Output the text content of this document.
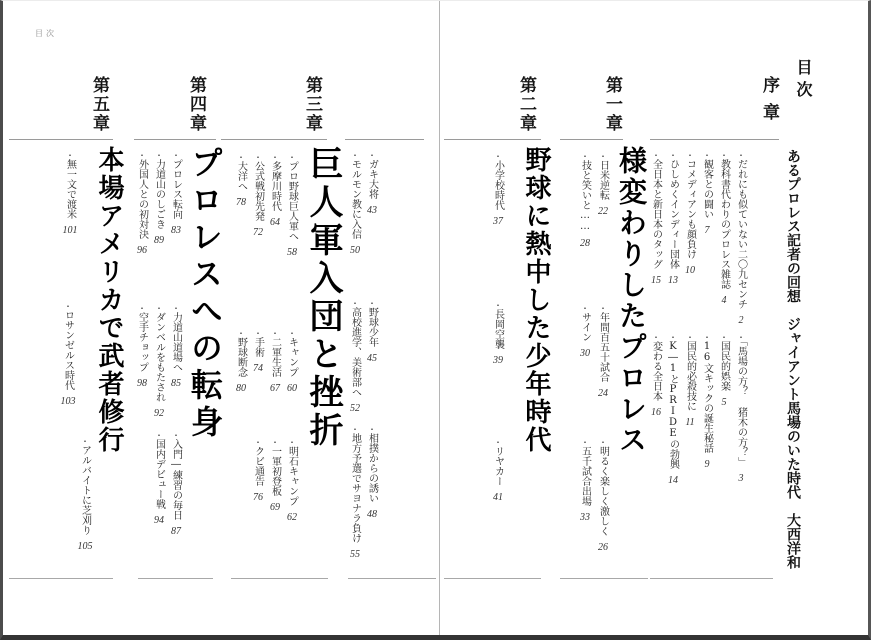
目次
目次
あるプロレス記者の回想ジャイアント馬場のいた時代大西洋和
序章
第一章
第二章
第三章
第四章
第五章
様変わりしたプロレス
野球に熱中した少年時代
巨人軍入団と挫折
プロレスへの転身
本場アメリカで武者修行	・だれにも似ていない二〇九センチ
2
・「馬場の方？ 猪木の方？」
3
・教科書代わりのプロレス雑誌
4
・国民的娯楽
5
・観客との闘い
7
・16文キックの誕生秘話
9
・コメディアンも顔負け
10
・国民的必殺技に
11
・ひしめくインディー団体
13
・K―1とPRIDEの勃興
14
・全日本と新日本のタッグ
15
・変わる全日本
16
・日米逆転
22
・年間百五十試合
24
・明るく楽しく激しく
26
・技と笑いと……
28
・サイン
30
・五千試合出場
33
・小学校時代
37
・長岡空襲
39
・リヤカー
41
・ガキ大将
43
・野球少年
45
・相撲からの誘い
48
・モルモン教に入信
50
・高校進学、美術部へ
52
・地方予選でサヨナラ負け
55
・プロ野球巨人軍へ
58
・キャンプ
60
・明石キャンプ
62
・多摩川時代
64
・二軍生活
67
・一軍初登板
69
・公式戦初先発
72
・手術
74
・クビ通告
76
・大洋へ
78
・野球断念
80
・プロレス転向
83
・力道山道場へ
85
・入門―練習の毎日
87
・力道山のしごき
89
・ダンベルをもたされ
92
・国内デビュー戦
94
・外国人との初対決
96
・空手チョップ
98
・無一文で渡米
101
・ロサンゼルス時代
103
・アルバイトに芝刈り
105
